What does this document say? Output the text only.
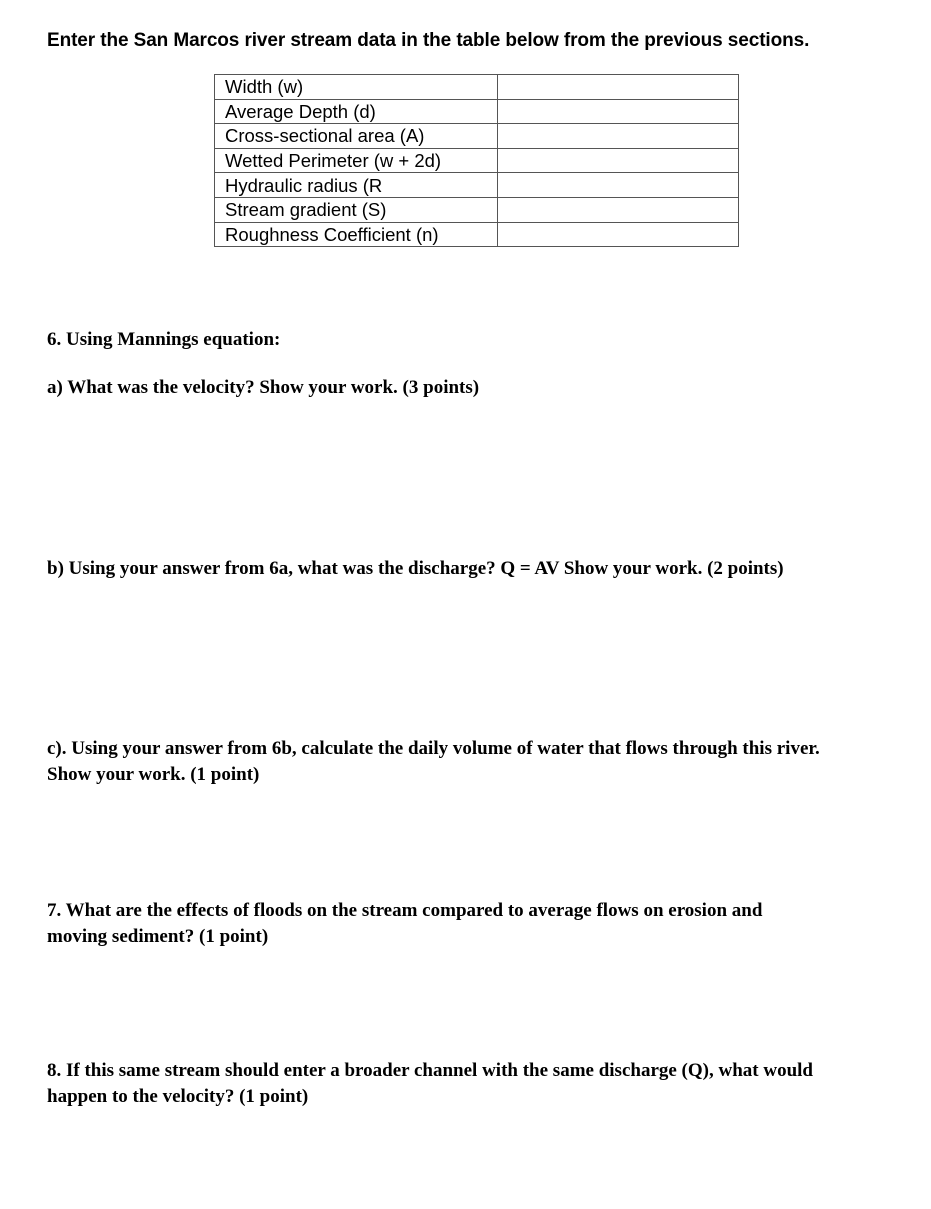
Enter the San Marcos river stream data in the table below from the previous sections.
Width (w)	
Average Depth (d)	
Cross-sectional area (A)	
Wetted Perimeter (w + 2d)	
Hydraulic radius (R	
Stream gradient (S)	
Roughness Coefficient (n)	
6. Using Mannings equation:
a) What was the velocity? Show your work. (3 points)
b) Using your answer from 6a, what was the discharge? Q = AV Show your work. (2 points)
c). Using your answer from 6b, calculate the daily volume of water that flows through this river.
Show your work. (1 point)
7. What are the effects of floods on the stream compared to average flows on erosion and
moving sediment? (1 point)
8. If this same stream should enter a broader channel with the same discharge (Q), what would
happen to the velocity? (1 point)
